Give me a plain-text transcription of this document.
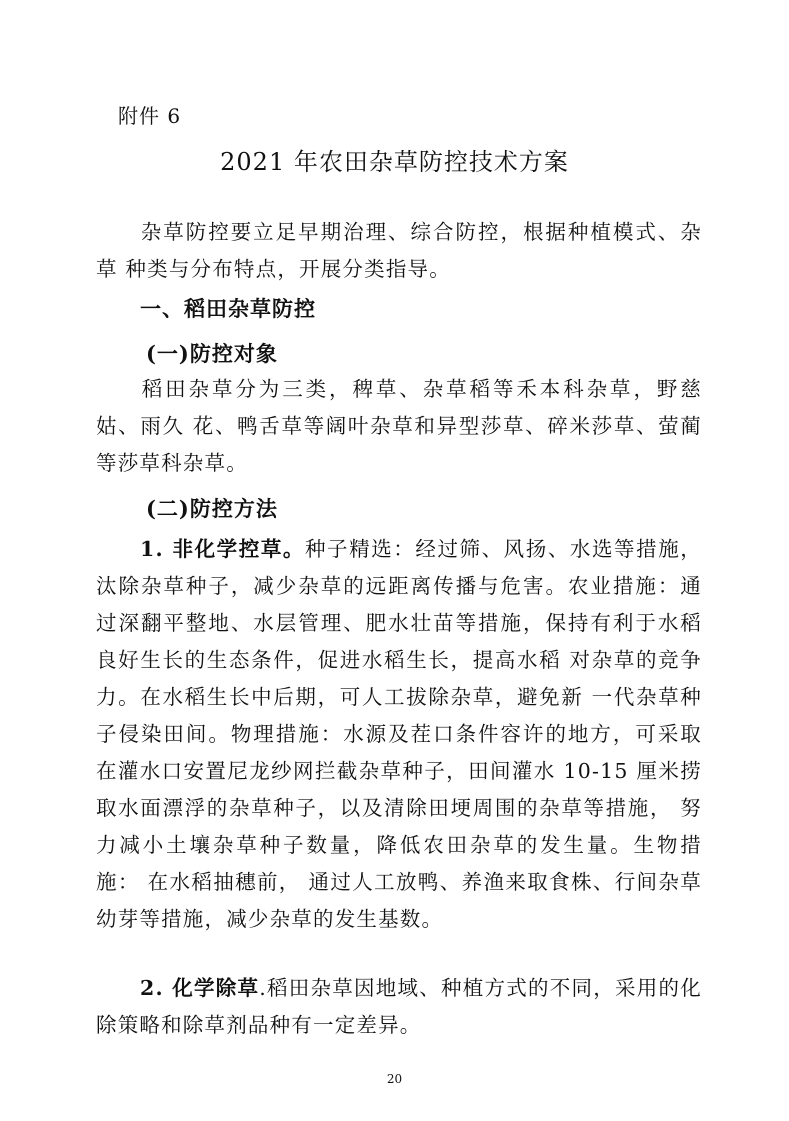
附件 6
2021 年农田杂草防控技术方案
杂草防控要立足早期治理、综合防控，根据种植模式、杂草 种类与分布特点，开展分类指导。
一、稻田杂草防控
(一)防控对象
稻田杂草分为三类，稗草、杂草稻等禾本科杂草，野慈姑、雨久 花、鸭舌草等阔叶杂草和异型莎草、碎米莎草、萤蔺等莎草科杂草。
(二)防控方法
1. 非化学控草。种子精选：经过筛、风扬、水选等措施，汰除杂草种子，减少杂草的远距离传播与危害。农业措施：通过深翻平整地、水层管理、肥水壮苗等措施，保持有利于水稻良好生长的生态条件，促进水稻生长，提高水稻 对杂草的竞争力。在水稻生长中后期，可人工拔除杂草，避免新 一代杂草种子侵染田间。物理措施：水源及茬口条件容许的地方，可采取在灌水口安置尼龙纱网拦截杂草种子，田间灌水 10-15 厘米捞取水面漂浮的杂草种子，以及清除田埂周围的杂草等措施， 努力减小土壤杂草种子数量，降低农田杂草的发生量。生物措施： 在水稻抽穗前， 通过人工放鸭、养渔来取食株、行间杂草幼芽等措施，减少杂草的发生基数。
2. 化学除草.稻田杂草因地域、种植方式的不同，采用的化除策略和除草剂品种有一定差异。
20
